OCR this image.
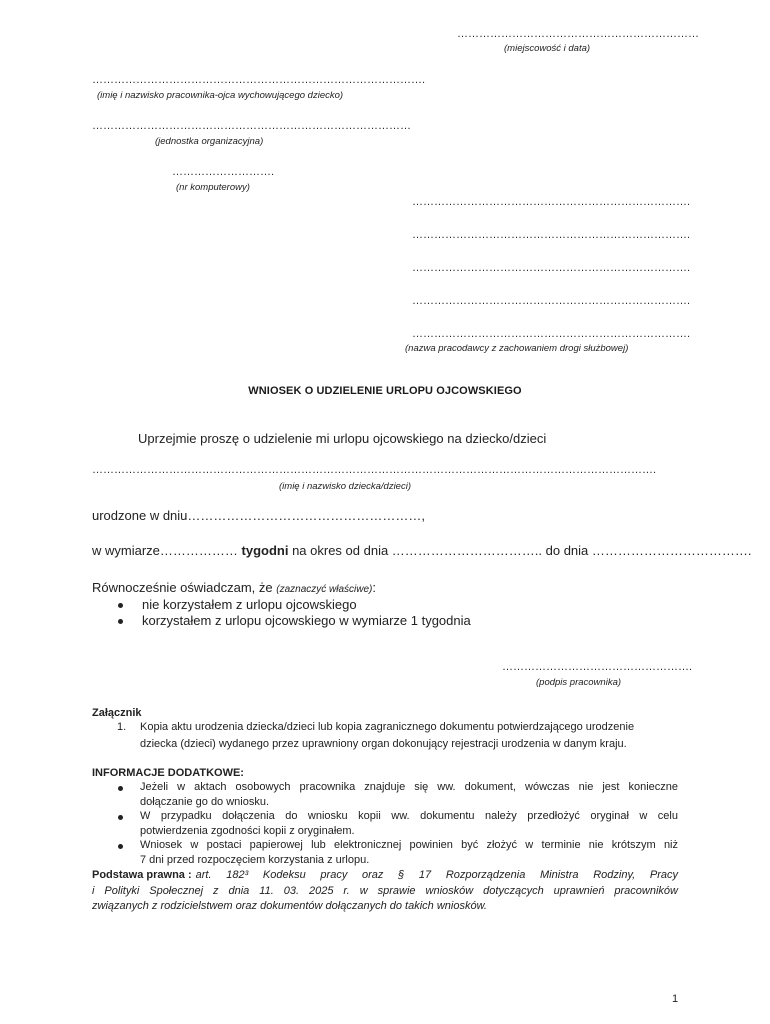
…………………………………………………………
(miejscowość i data)
……………………………………………………………………………….
(imię i nazwisko pracownika-ojca wychowującego dziecko)
……………………………………………………………………………
(jednostka organizacyjna)
……………………….
(nr komputerowy)
………………………………………………………………….
………………………………………………………………….
………………………………………………………………….
………………………………………………………………….
………………………………………………………………….
(nazwa pracodawcy z zachowaniem drogi służbowej)
WNIOSEK O UDZIELENIE URLOPU OJCOWSKIEGO
Uprzejmie proszę o udzielenie mi urlopu ojcowskiego na dziecko/dzieci
……………………………………………………………………………………………………………………………………….
(imię i nazwisko dziecka/dzieci)
urodzone w dniu………………………………………………,
w wymiarze……………… tygodni na okres od dnia …………………………….. do dnia ……………………………….
Równocześnie oświadczam, że (zaznaczyć właściwe):
nie korzystałem z urlopu ojcowskiego
korzystałem z urlopu ojcowskiego w wymiarze 1 tygodnia
…………………………………………….
(podpis pracownika)
Załącznik
1. Kopia aktu urodzenia dziecka/dzieci lub kopia zagranicznego dokumentu potwierdzającego urodzenie
dziecka (dzieci) wydanego przez uprawniony organ dokonujący rejestracji urodzenia w danym kraju.
INFORMACJE DODATKOWE:
Jeżeli w aktach osobowych pracownika znajduje się ww. dokument, wówczas nie jest konieczne
dołączanie go do wniosku.
W przypadku dołączenia do wniosku kopii ww. dokumentu należy przedłożyć oryginał w celu
potwierdzenia zgodności kopii z oryginałem.
Wniosek w postaci papierowej lub elektronicznej powinien być złożyć w terminie nie krótszym niż
7 dni przed rozpoczęciem korzystania z urlopu.
Podstawa prawna : art. 182³ Kodeksu pracy oraz § 17 Rozporządzenia Ministra Rodziny, Pracy
i Polityki Społecznej z dnia 11. 03. 2025 r. w sprawie wniosków dotyczących uprawnień pracowników
związanych z rodzicielstwem oraz dokumentów dołączanych do takich wniosków.
1
